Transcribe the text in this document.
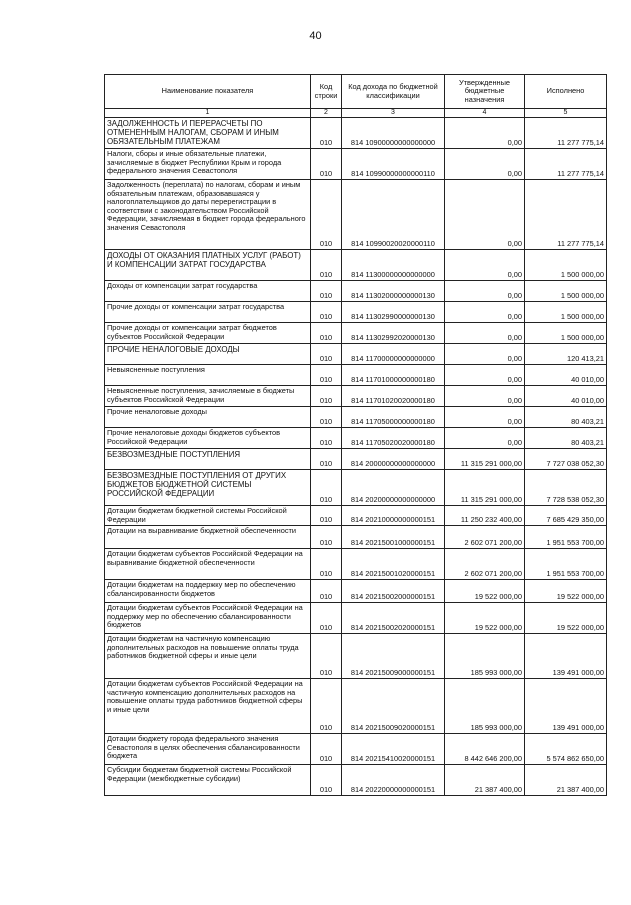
40
Наименование показателя	Код строки	Код дохода по бюджетной классификации	Утвержденные бюджетные назначения	Исполнено
1	2	3	4	5
ЗАДОЛЖЕННОСТЬ И ПЕРЕРАСЧЕТЫ ПО ОТМЕНЕННЫМ НАЛОГАМ, СБОРАМ И ИНЫМ ОБЯЗАТЕЛЬНЫМ ПЛАТЕЖАМ	010	814 10900000000000000	0,00	11 277 775,14
Налоги, сборы и иные обязательные платежи, зачисляемые в бюджет Республики Крым и города федерального значения Севастополя	010	814 10990000000000110	0,00	11 277 775,14
Задолженность (переплата) по налогам, сборам и иным обязательным платежам, образовавшаяся у налогоплательщиков до даты перерегистрации в соответствии с законодательством Российской Федерации, зачисляемая в бюджет города федерального значения Севастополя	010	814 10990020020000110	0,00	11 277 775,14
ДОХОДЫ ОТ ОКАЗАНИЯ ПЛАТНЫХ УСЛУГ (РАБОТ) И КОМПЕНСАЦИИ ЗАТРАТ ГОСУДАРСТВА	010	814 11300000000000000	0,00	1 500 000,00
Доходы от компенсации затрат государства	010	814 11302000000000130	0,00	1 500 000,00
Прочие доходы от компенсации затрат государства	010	814 11302990000000130	0,00	1 500 000,00
Прочие доходы от компенсации затрат бюджетов субъектов Российской Федерации	010	814 11302992020000130	0,00	1 500 000,00
ПРОЧИЕ НЕНАЛОГОВЫЕ ДОХОДЫ	010	814 11700000000000000	0,00	120 413,21
Невыясненные поступления	010	814 11701000000000180	0,00	40 010,00
Невыясненные поступления, зачисляемые в бюджеты субъектов Российской Федерации	010	814 11701020020000180	0,00	40 010,00
Прочие неналоговые доходы	010	814 11705000000000180	0,00	80 403,21
Прочие неналоговые доходы бюджетов субъектов Российской Федерации	010	814 11705020020000180	0,00	80 403,21
БЕЗВОЗМЕЗДНЫЕ ПОСТУПЛЕНИЯ	010	814 20000000000000000	11 315 291 000,00	7 727 038 052,30
БЕЗВОЗМЕЗДНЫЕ ПОСТУПЛЕНИЯ ОТ ДРУГИХ БЮДЖЕТОВ БЮДЖЕТНОЙ СИСТЕМЫ РОССИЙСКОЙ ФЕДЕРАЦИИ	010	814 20200000000000000	11 315 291 000,00	7 728 538 052,30
Дотации бюджетам бюджетной системы Российской Федерации	010	814 20210000000000151	11 250 232 400,00	7 685 429 350,00
Дотации на выравнивание бюджетной обеспеченности	010	814 20215001000000151	2 602 071 200,00	1 951 553 700,00
Дотации бюджетам субъектов Российской Федерации на выравнивание бюджетной обеспеченности	010	814 20215001020000151	2 602 071 200,00	1 951 553 700,00
Дотации бюджетам на поддержку мер по обеспечению сбалансированности бюджетов	010	814 20215002000000151	19 522 000,00	19 522 000,00
Дотации бюджетам субъектов Российской Федерации на поддержку мер по обеспечению сбалансированности бюджетов	010	814 20215002020000151	19 522 000,00	19 522 000,00
Дотации бюджетам на частичную компенсацию дополнительных расходов на повышение оплаты труда работников бюджетной сферы и иные цели	010	814 20215009000000151	185 993 000,00	139 491 000,00
Дотации бюджетам субъектов Российской Федерации на частичную компенсацию дополнительных расходов на повышение оплаты труда работников бюджетной сферы и иные цели	010	814 20215009020000151	185 993 000,00	139 491 000,00
Дотации бюджету города федерального значения Севастополя в целях обеспечения сбалансированности бюджета	010	814 20215410020000151	8 442 646 200,00	5 574 862 650,00
Субсидии бюджетам бюджетной системы Российской Федерации (межбюджетные субсидии)	010	814 20220000000000151	21 387 400,00	21 387 400,00
